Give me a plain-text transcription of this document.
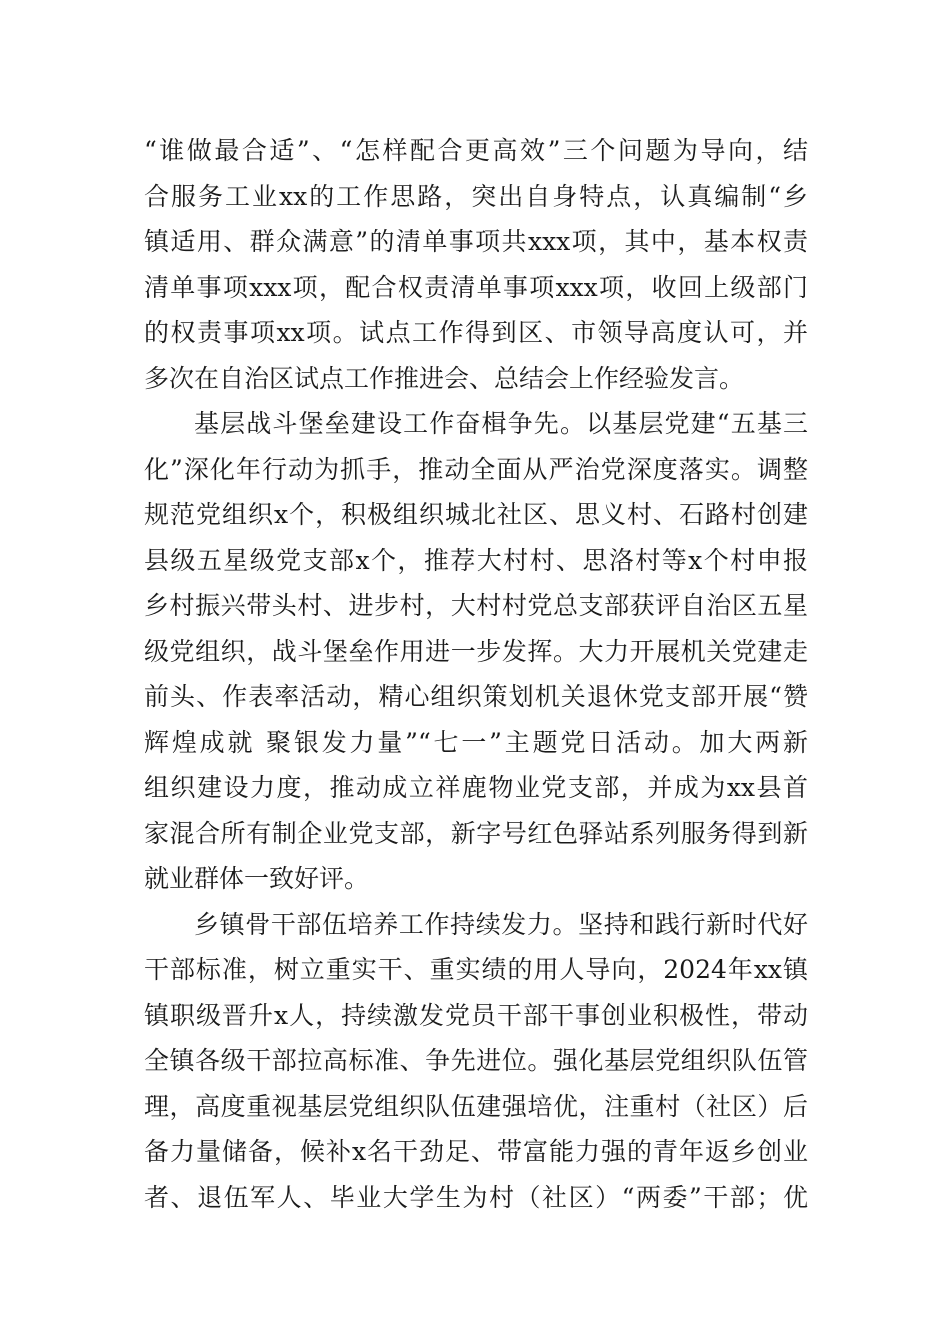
“谁做最合适”、“怎样配合更高效”三个问题为导向，结
合服务工业xx的工作思路，突出自身特点，认真编制“乡
镇适用、群众满意”的清单事项共xxx项，其中，基本权责
清单事项xxx项，配合权责清单事项xxx项，收回上级部门
的权责事项xx项。试点工作得到区、市领导高度认可，并
多次在自治区试点工作推进会、总结会上作经验发言。
基层战斗堡垒建设工作奋楫争先。以基层党建“五基三
化”深化年行动为抓手，推动全面从严治党深度落实。调整
规范党组织x个，积极组织城北社区、思义村、石路村创建
县级五星级党支部x个，推荐大村村、思洛村等x个村申报
乡村振兴带头村、进步村，大村村党总支部获评自治区五星
级党组织，战斗堡垒作用进一步发挥。大力开展机关党建走
前头、作表率活动，精心组织策划机关退休党支部开展“赞
辉煌成就 聚银发力量”“七一”主题党日活动。加大两新
组织建设力度，推动成立祥鹿物业党支部，并成为xx县首
家混合所有制企业党支部，新字号红色驿站系列服务得到新
就业群体一致好评。
乡镇骨干部伍培养工作持续发力。坚持和践行新时代好
干部标准，树立重实干、重实绩的用人导向，2024年xx镇
镇职级晋升x人，持续激发党员干部干事创业积极性，带动
全镇各级干部拉高标准、争先进位。强化基层党组织队伍管
理，高度重视基层党组织队伍建强培优，注重村（社区）后
备力量储备，候补x名干劲足、带富能力强的青年返乡创业
者、退伍军人、毕业大学生为村（社区）“两委”干部；优
